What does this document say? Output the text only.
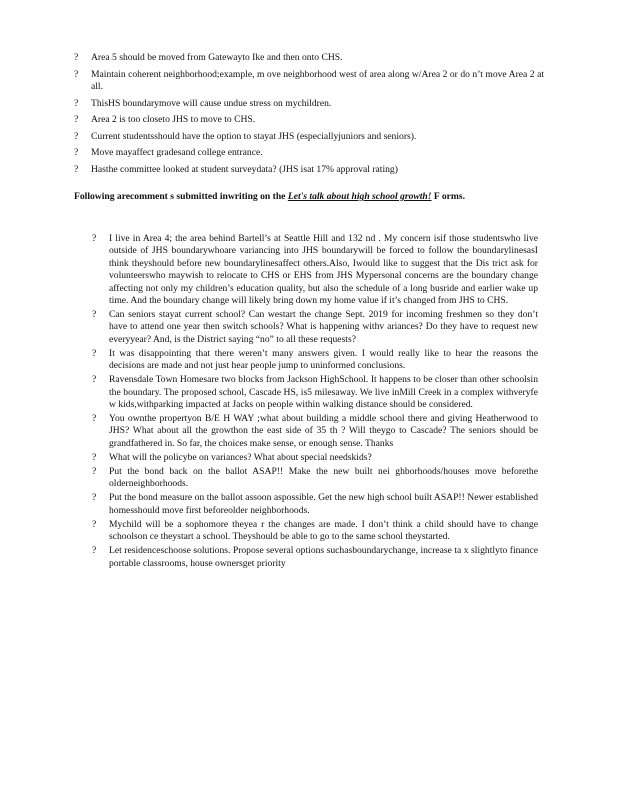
? Area 5 should be moved from Gatewayto Ike and then onto CHS.
? Maintain coherent neighborhood;example, m ove neighborhood west of area along w/Area 2 or do n’t move Area 2 at all.
? ThisHS boundarymove will cause undue stress on mychildren.
? Area 2 is too closeto JHS to move to CHS.
? Current studentsshould have the option to stayat JHS (especiallyjuniors and seniors).
? Move mayaffect gradesand college entrance.
? Hasthe committee looked at student surveydata? (JHS isat 17% approval rating)
Following arecomment s submitted inwriting on the Let's talk about high school growth! F orms.
? I live in Area 4; the area behind Bartell’s at Seattle Hill and 132 nd . My concern isif those studentswho live outside of JHS boundarywhoare variancing into JHS boundarywill be forced to follow the boundarylinesasI think theyshould before new boundarylinesaffect others.Also, Iwould like to suggest that the Dis trict ask for volunteerswho maywish to relocate to CHS or EHS from JHS Mypersonal concerns are the boundary change affecting not only my children’s education quality, but also the schedule of a long busride and earlier wake up time. And the boundary change will likely bring down my home value if it’s changed from JHS to CHS.
? Can seniors stayat current school? Can westart the change Sept. 2019 for incoming freshmen so they don’t have to attend one year then switch schools? What is happening withv ariances? Do they have to request new everyyear? And, is the District saying “no” to all these requests?
? It was disappointing that there weren’t many answers given. I would really like to hear the reasons the decisions are made and not just hear people jump to uninformed conclusions.
? Ravensdale Town Homesare two blocks from Jackson HighSchool. It happens to be closer than other schoolsin the boundary. The proposed school, Cascade HS, is5 milesaway. We live inMill Creek in a complex withveryfe w kids,withparking impacted at Jacks on people within walking distance should be considered.
? You ownthe propertyon B/E H WAY ;what about building a middle school there and giving Heatherwood to JHS? What about all the growthon the east side of 35 th ? Will theygo to Cascade? The seniors should be grandfathered in. So far, the choices make sense, or enough sense. Thanks
? What will the policybe on variances? What about special needskids?
? Put the bond back on the ballot ASAP!! Make the new built nei ghborhoods/houses move beforethe olderneighborhoods.
? Put the bond measure on the ballot assoon aspossible. Get the new high school built ASAP!! Newer established homesshould move first beforeolder neighborhoods.
? Mychild will be a sophomore theyea r the changes are made. I don’t think a child should have to change schoolson ce theystart a school. Theyshould be able to go to the same school theystarted.
? Let residenceschoose solutions. Propose several options suchasboundarychange, increase ta x slightlyto finance portable classrooms, house ownersget priority
